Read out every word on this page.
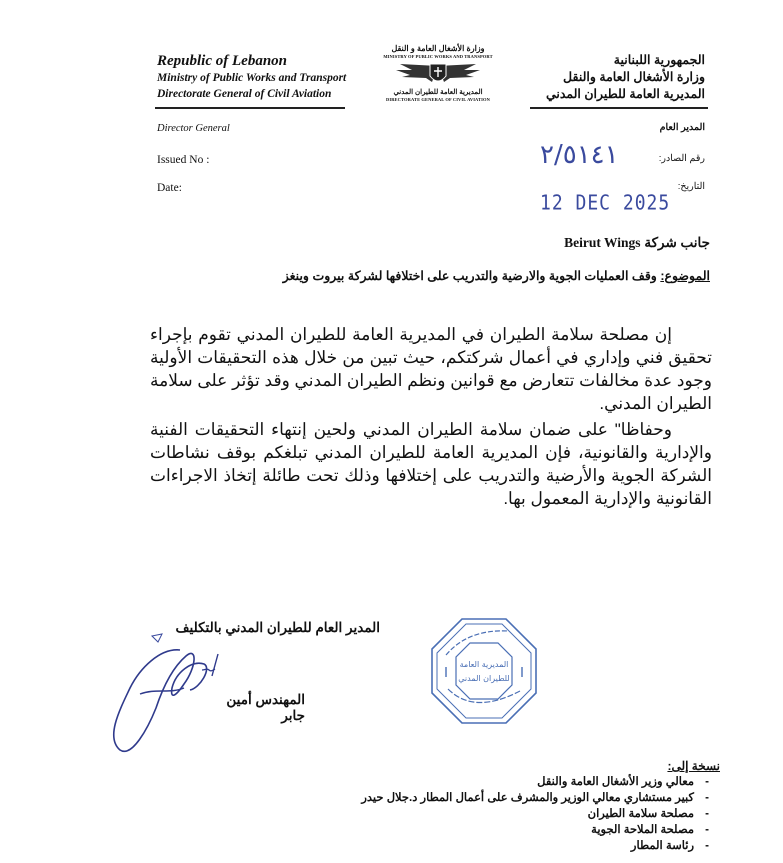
Republic of Lebanon
Ministry of Public Works and Transport
Directorate General of Civil Aviation
Director General
وزارة الأشغال العامة و النقل
MINISTRY OF PUBLIC WORKS AND TRANSPORT
المديرية العامة للطيران المدني
DIRECTORATE GENERAL OF CIVIL AVIATION
الجمهورية اللبنانية
وزارة الأشغال العامة والنقل
المديرية العامة للطيران المدني
المدير العام
Issued No :
Date:
رقم الصادر:
التاريخ:
٢/٥١٤١
12 DEC 2025
جانب شركة Beirut Wings
الموضوع: وقف العمليات الجوية والارضية والتدريب على اختلافها لشركة بيروت وينغز

إن مصلحة سلامة الطيران في المديرية العامة للطيران المدني تقوم بإجراء تحقيق فني وإداري في أعمال شركتكم، حيث تبين من خلال هذه التحقيقات الأولية وجود عدة مخالفات تتعارض مع قوانين ونظم الطيران المدني وقد تؤثر على سلامة الطيران المدني.

وحفاظا" على ضمان سلامة الطيران المدني ولحين إنتهاء التحقيقات الفنية والإدارية والقانونية، فإن المديرية العامة للطيران المدني تبلغكم بوقف نشاطات الشركة الجوية والأرضية والتدريب على إختلافها وذلك تحت طائلة إتخاذ الاجراءات القانونية والإدارية المعمول بها.

المدير العام للطيران المدني بالتكليف
المهندس أمين جابر
المديرية العامة
للطيران المدني
نسخة إلى:
-معالي وزير الأشغال العامة والنقل
-كبير مستشاري معالي الوزير والمشرف على أعمال المطار د.جلال حيدر
-مصلحة سلامة الطيران
-مصلحة الملاحة الجوية
-رئاسة المطار
